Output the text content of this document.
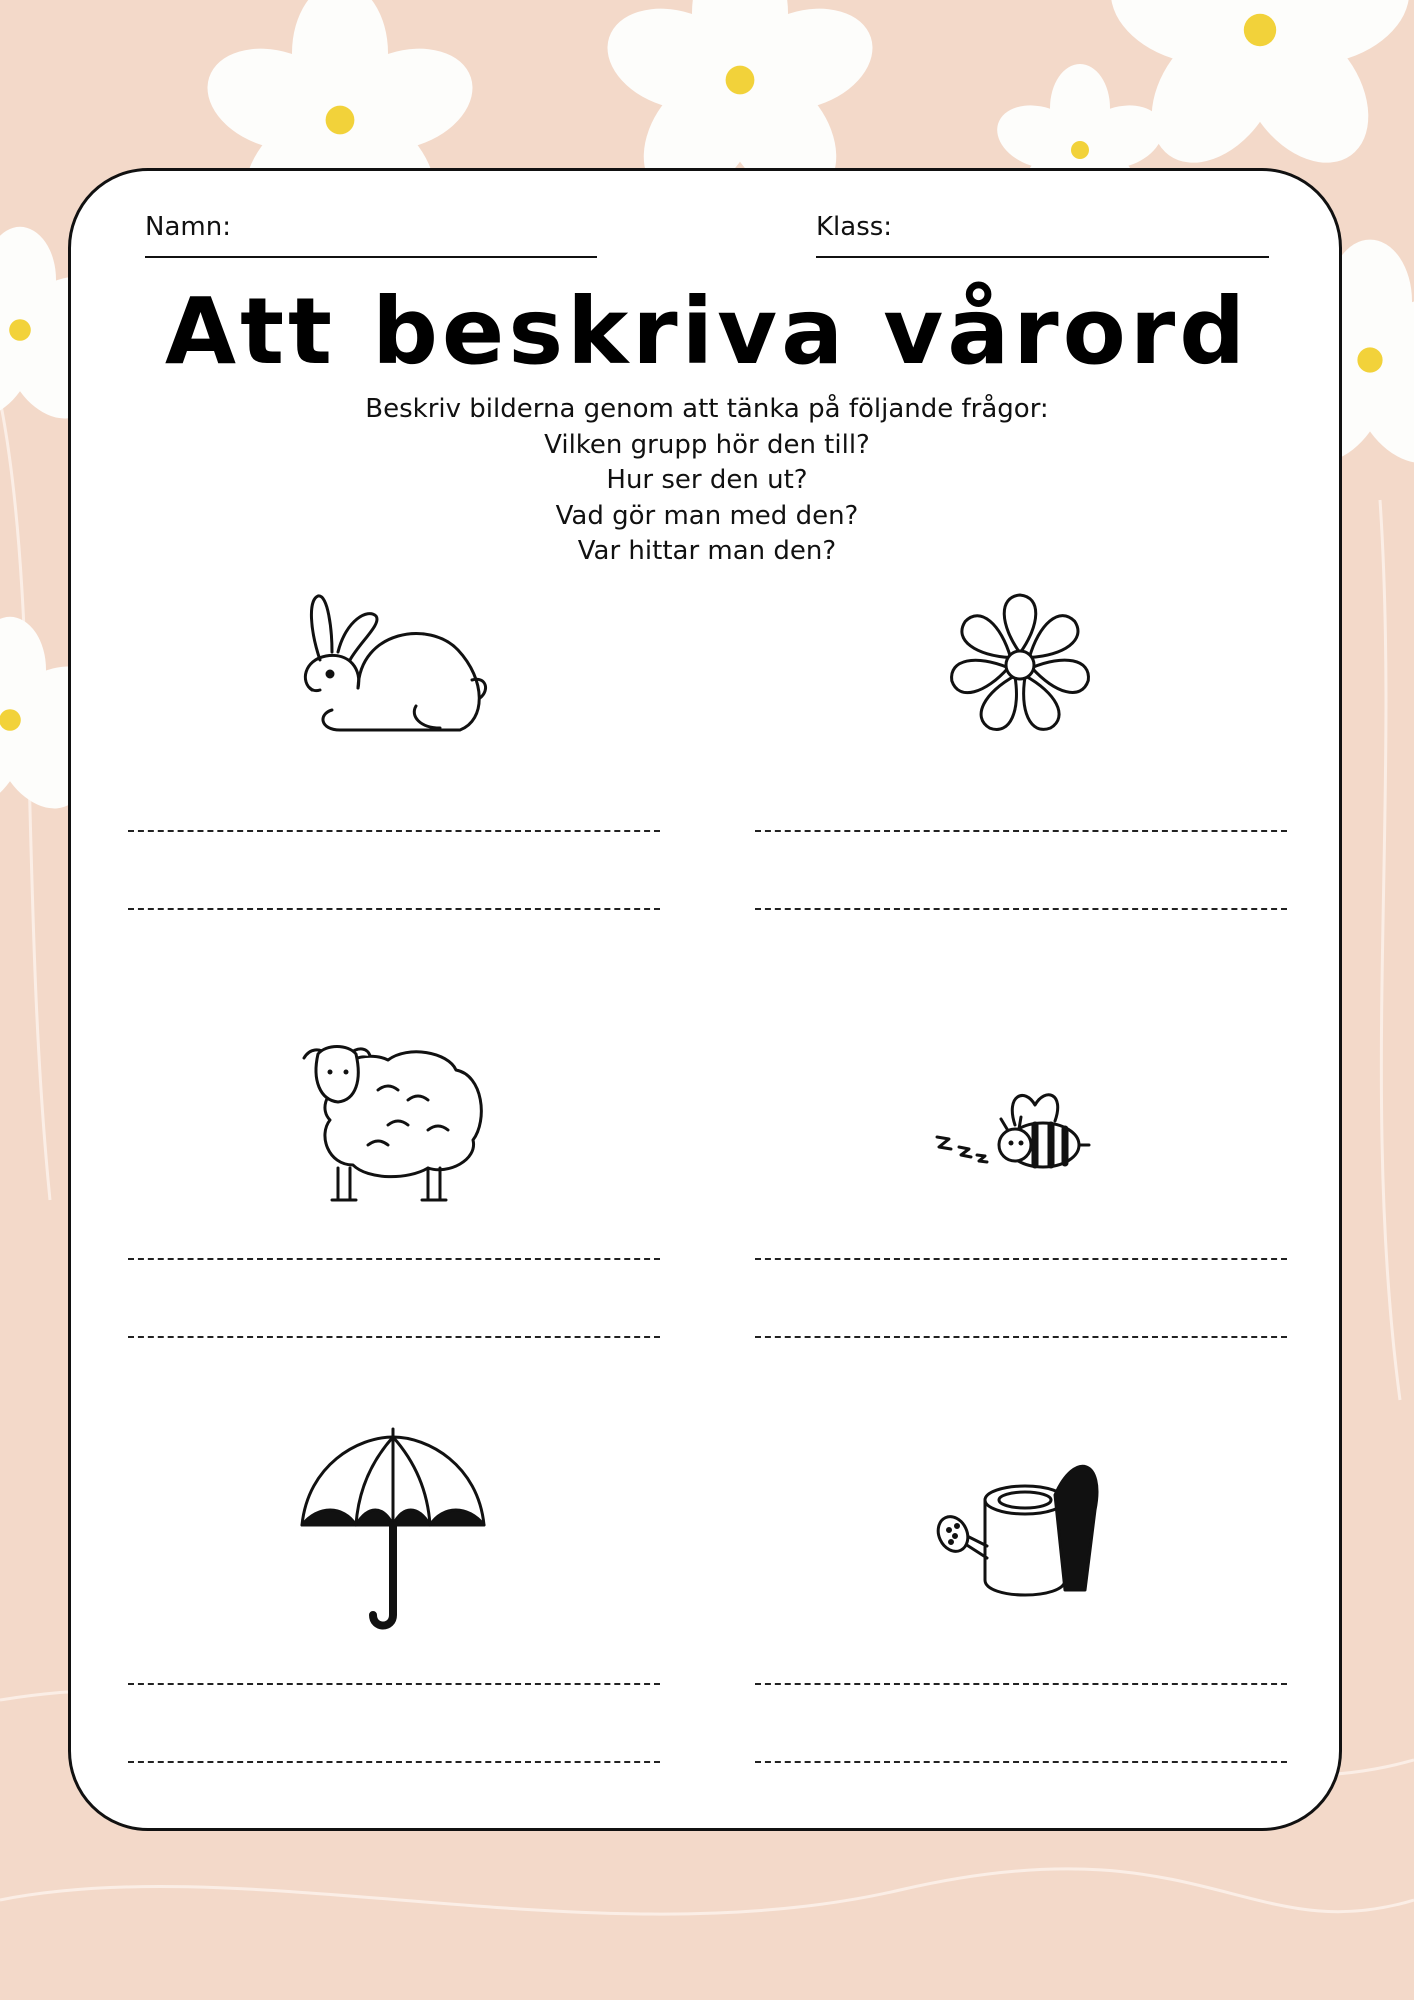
Namn:	Klass:
Att beskriva vårord
Beskriv bilderna genom att tänka på följande frågor:
Vilken grupp hör den till?
Hur ser den ut?
Vad gör man med den?
Var hittar man den?
